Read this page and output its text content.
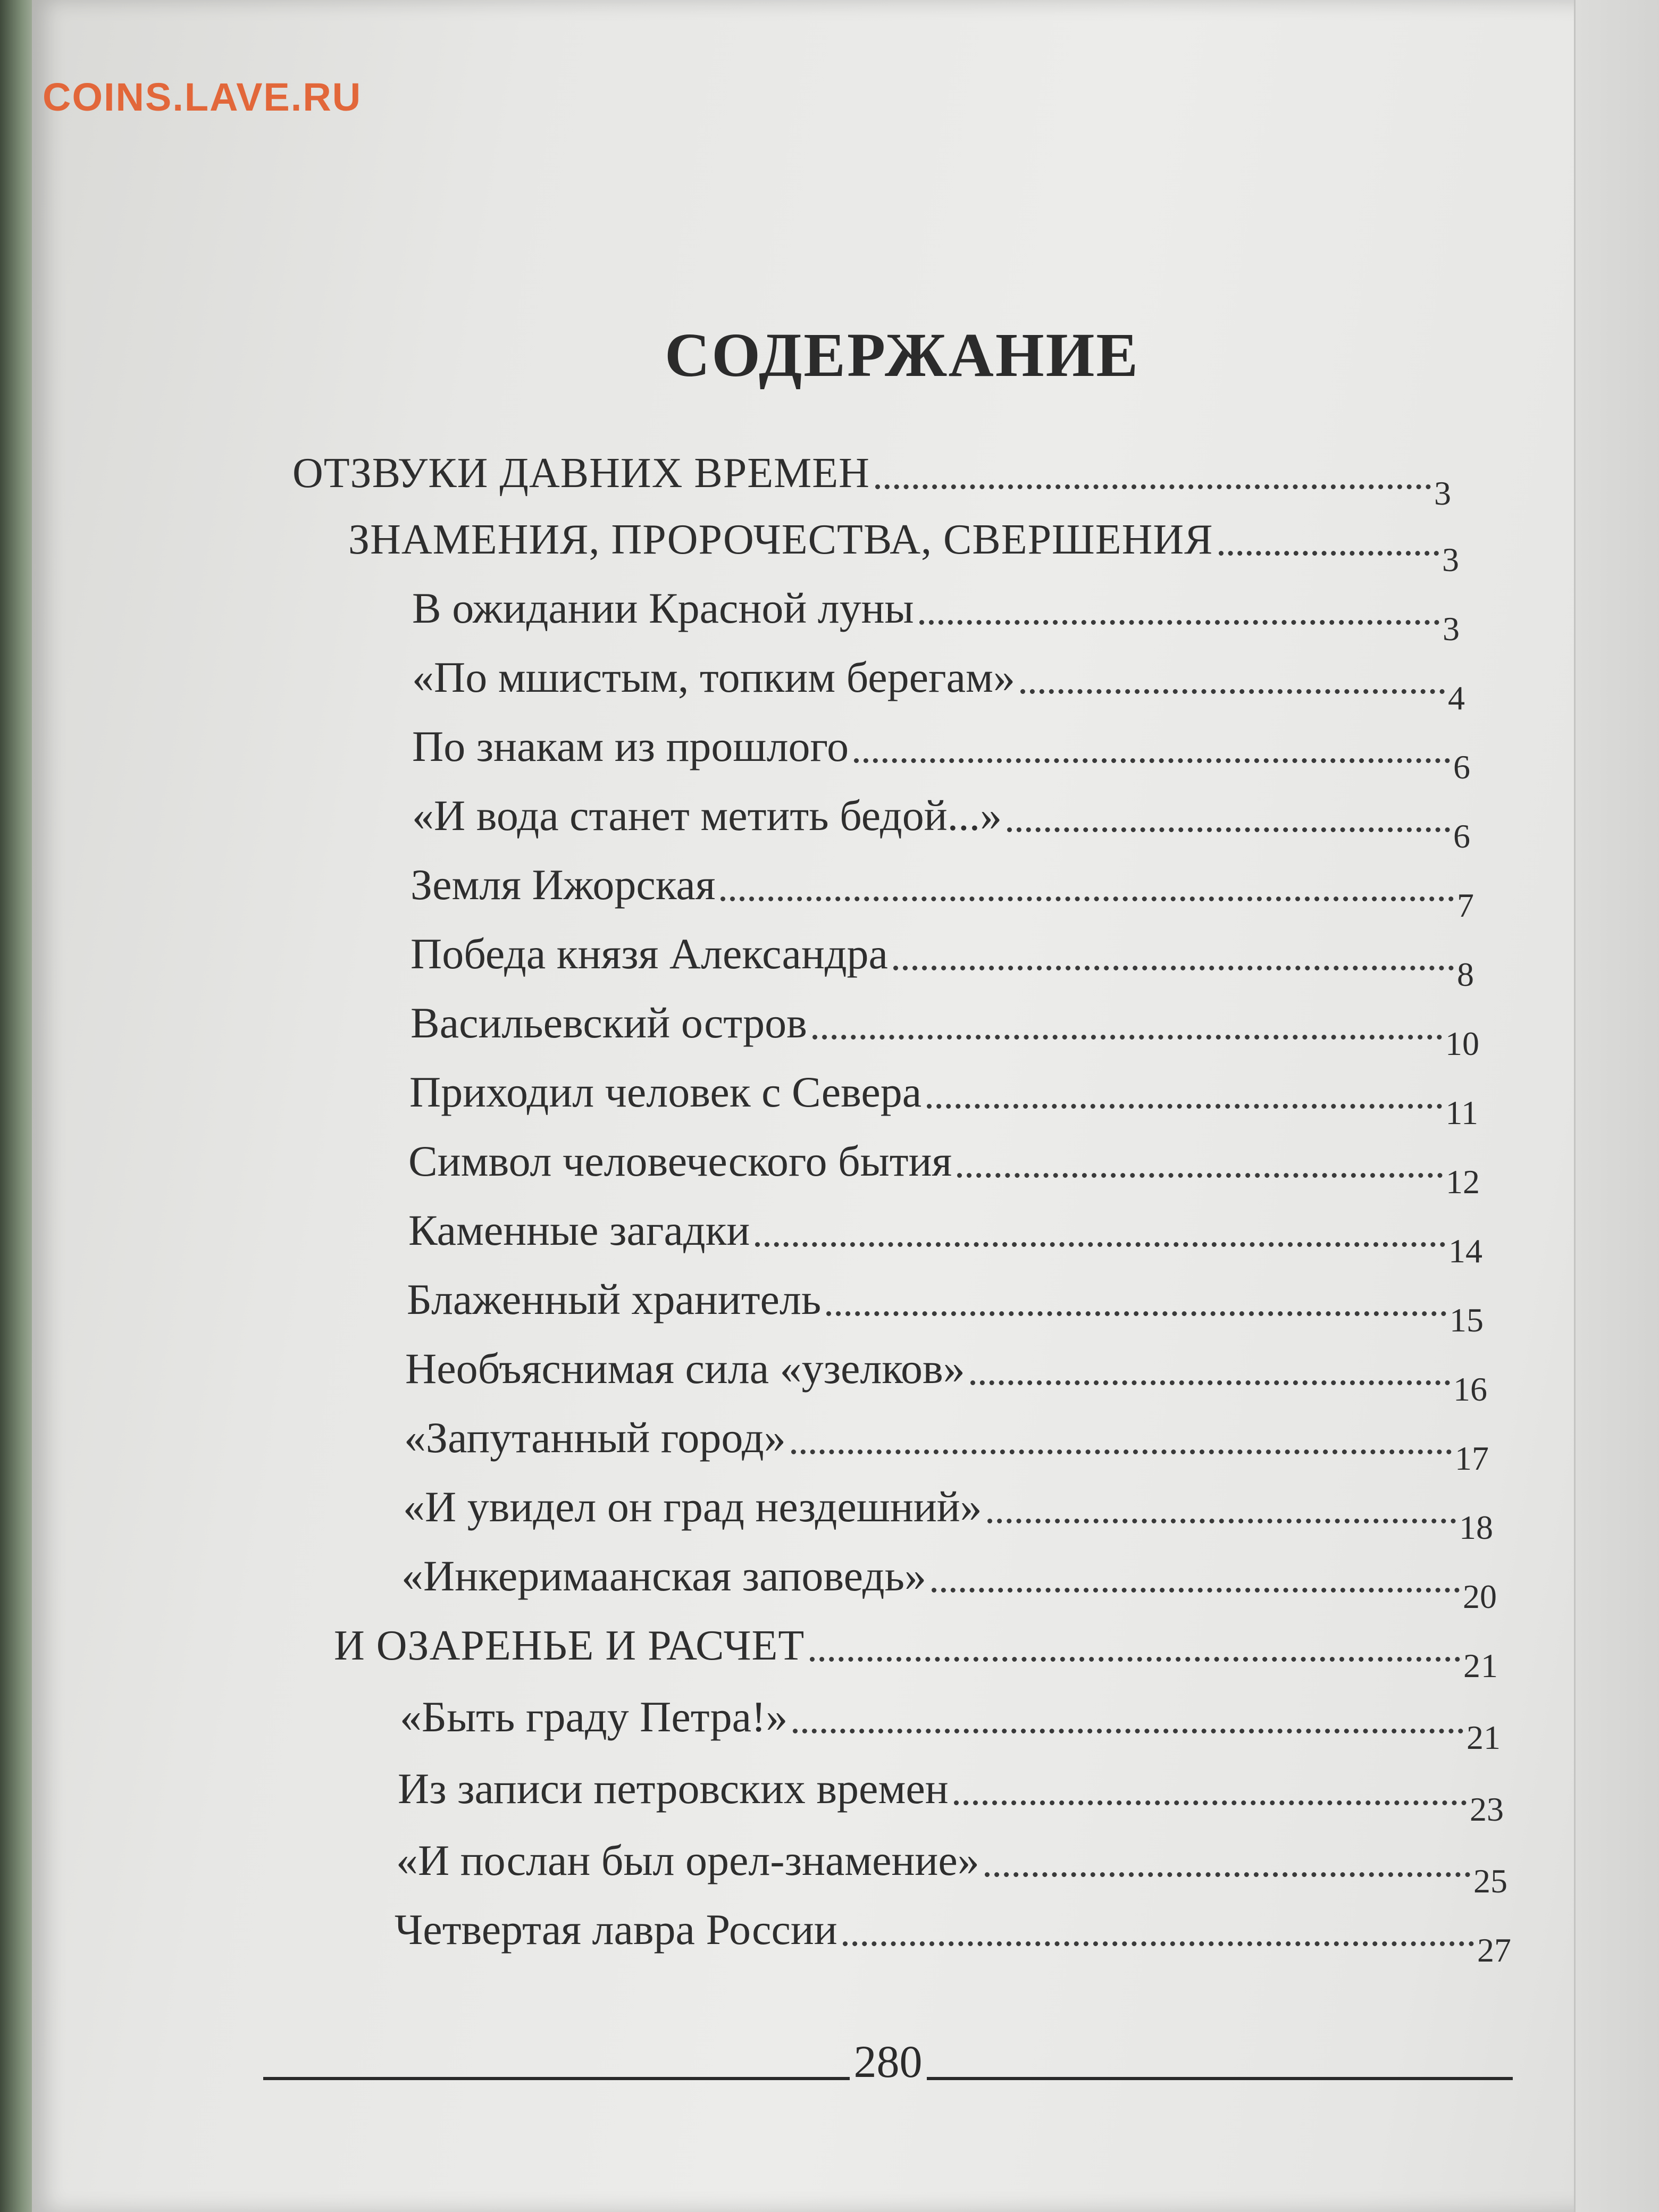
COINS.LAVE.RU
СОДЕРЖАНИЕ
ОТЗВУКИ ДАВНИХ ВРЕМЕН	3
ЗНАМЕНИЯ, ПРОРОЧЕСТВА, СВЕРШЕНИЯ	3
В ожидании Красной луны	3
«По мшистым, топким берегам»	4
По знакам из прошлого	6
«И вода станет метить бедой...»	6
Земля Ижорская	7
Победа князя Александра	8
Васильевский остров	10
Приходил человек с Севера	11
Символ человеческого бытия	12
Каменные загадки	14
Блаженный хранитель	15
Необъяснимая сила «узелков»	16
«Запутанный город»	17
«И увидел он град нездешний»	18
«Инкеримаанская заповедь»	20
И ОЗАРЕНЬЕ И РАСЧЕТ	21
«Быть граду Петра!»	21
Из записи петровских времен	23
«И послан был орел-знамение»	25
Четвертая лавра России	27
280
